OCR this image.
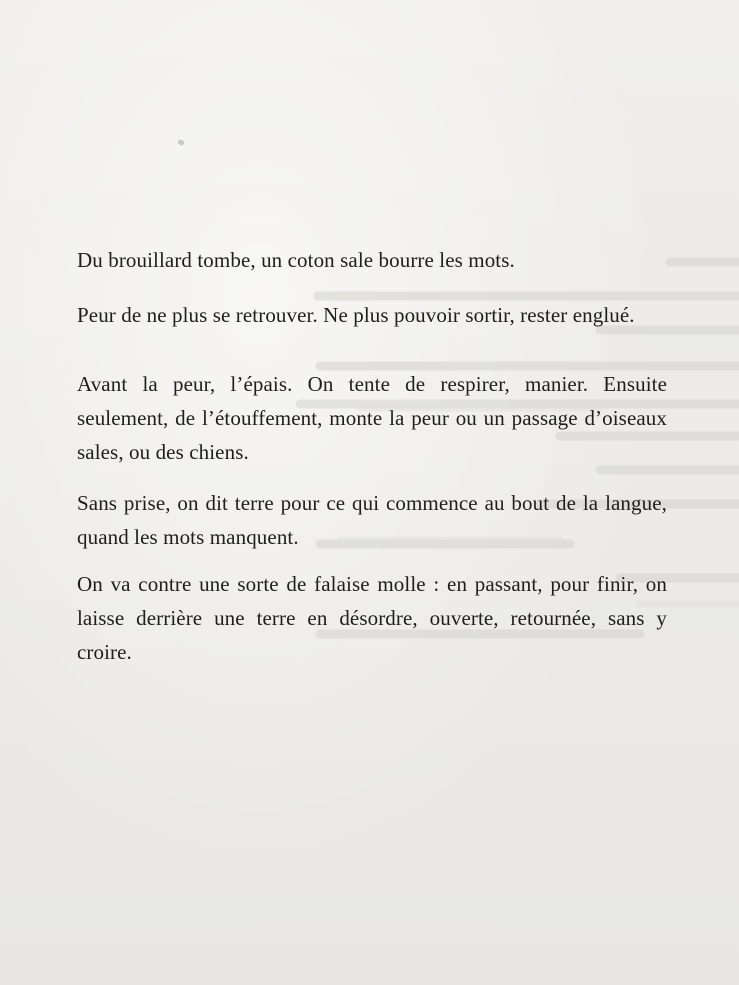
Du brouillard tombe, un coton sale bourre les mots.

Peur de ne plus se retrouver. Ne plus pouvoir sortir, rester englué.

Avant la peur, l’épais. On tente de respirer, manier. Ensuite seulement, de l’étouffement, monte la peur ou un passage d’oiseaux sales, ou des chiens.

Sans prise, on dit terre pour ce qui commence au bout de la langue, quand les mots manquent.

On va contre une sorte de falaise molle : en passant, pour finir, on laisse derrière une terre en désordre, ouverte, retournée, sans y croire.
